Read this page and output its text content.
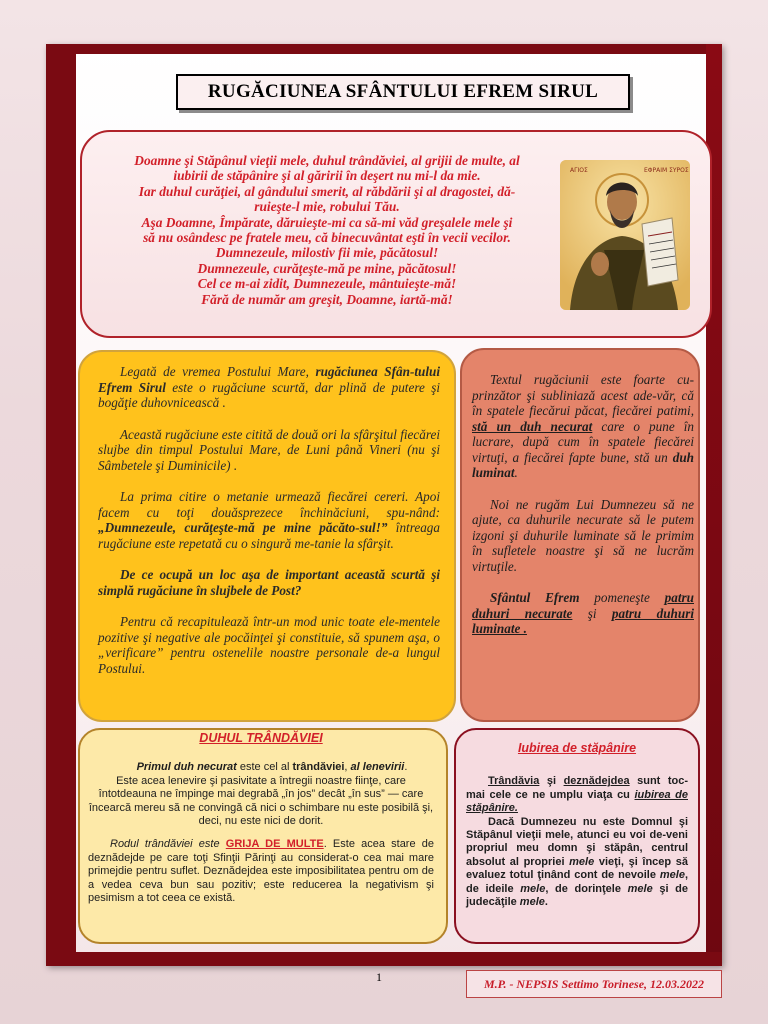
RUGĂCIUNEA SFÂNTULUI EFREM SIRUL
Doamne şi Stăpânul vieţii mele, duhul trândăviei, al grijii de multe, al
iubirii de stăpânire şi al găririi în deşert nu mi-l da mie.
Iar duhul curăţiei, al gândului smerit, al răbdării şi al dragostei, dă-
ruieşte-l mie, robului Tău.
Aşa Doamne, Împărate, dăruieşte-mi ca să-mi văd greşalele mele şi
să nu osândesc pe fratele meu, că binecuvântat eşti în vecii vecilor.
Dumnezeule, milostiv fii mie, păcătosul!
Dumnezeule, curăţeşte-mă pe mine, păcătosul!
Cel ce m-ai zidit, Dumnezeule, mântuieşte-mă!
Fără de număr am greşit, Doamne, iartă-mă!
ΑΓΙΟΣ	ΕΦΡΑΙΜ ΣΥΡΟΣ

Legată de vremea Postului Mare, rugăciunea Sfân-tului Efrem Sirul este o rugăciune scurtă, dar plină de putere şi bogăţie duhovnicească .

Această rugăciune este citită de două ori la sfârşitul fiecărei slujbe din timpul Postului Mare, de Luni până Vineri (nu şi Sâmbetele şi Duminicile) .

La prima citire o metanie urmează fiecărei cereri. Apoi facem cu toţi douăsprezece închinăciuni, spu-nând: „Dumnezeule, curăţeşte-mă pe mine păcăto-sul!” întreaga rugăciune este repetată cu o singură me-tanie la sfârşit.

De ce ocupă un loc aşa de important această scurtă şi simplă rugăciune în slujbele de Post?

Pentru că recapitulează într-un mod unic toate ele-mentele pozitive şi negative ale pocăinţei şi constituie, să spunem aşa, o „verificare” pentru ostenelile noastre personale de-a lungul Postului.

Textul rugăciunii este foarte cu-prinzător şi subliniază acest ade-văr, că în spatele fiecărui păcat, fiecărei patimi, stă un duh necurat care o pune în lucrare, după cum în spatele fiecărei virtuţi, a fiecărei fapte bune, stă un duh luminat.

Noi ne rugăm Lui Dumnezeu să ne ajute, ca duhurile necurate să le putem izgoni şi duhurile luminate să le primim în sufletele noastre şi să ne lucrăm virtuţile.

Sfântul Efrem pomeneşte patru duhuri necurate şi patru duhuri luminate .

DUHUL TRÂNDĂVIEI

Primul duh necurat este cel al trândăviei, al lenevirii.
Este acea lenevire şi pasivitate a întregii noastre fiinţe, care întotdeauna ne împinge mai degrabă „în jos” decât „în sus” — care încearcă mereu să ne convingă că nici o schimbare nu este posibilă şi, deci, nu este nici de dorit.

Rodul trândăviei este GRIJA DE MULTE. Este acea stare de deznădejde pe care toţi Sfinţii Părinţi au considerat-o cea mai mare primejdie pentru suflet. Deznădejdea este imposibilitatea pentru om de a vedea ceva bun sau pozitiv; este reducerea la negativism şi pesimism a tot ceea ce există.

Iubirea de stăpânire

Trândăvia şi deznădejdea sunt toc-mai cele ce ne umplu viaţa cu iubirea de stăpânire.

Dacă Dumnezeu nu este Domnul şi Stăpânul vieţii mele, atunci eu voi de-veni propriul meu domn şi stăpân, centrul absolut al propriei mele vieţi, şi încep să evaluez totul ţinând cont de nevoile mele, de ideile mele, de dorinţele mele şi de judecăţile mele.

1	M.P. - NEPSIS Settimo Torinese, 12.03.2022
